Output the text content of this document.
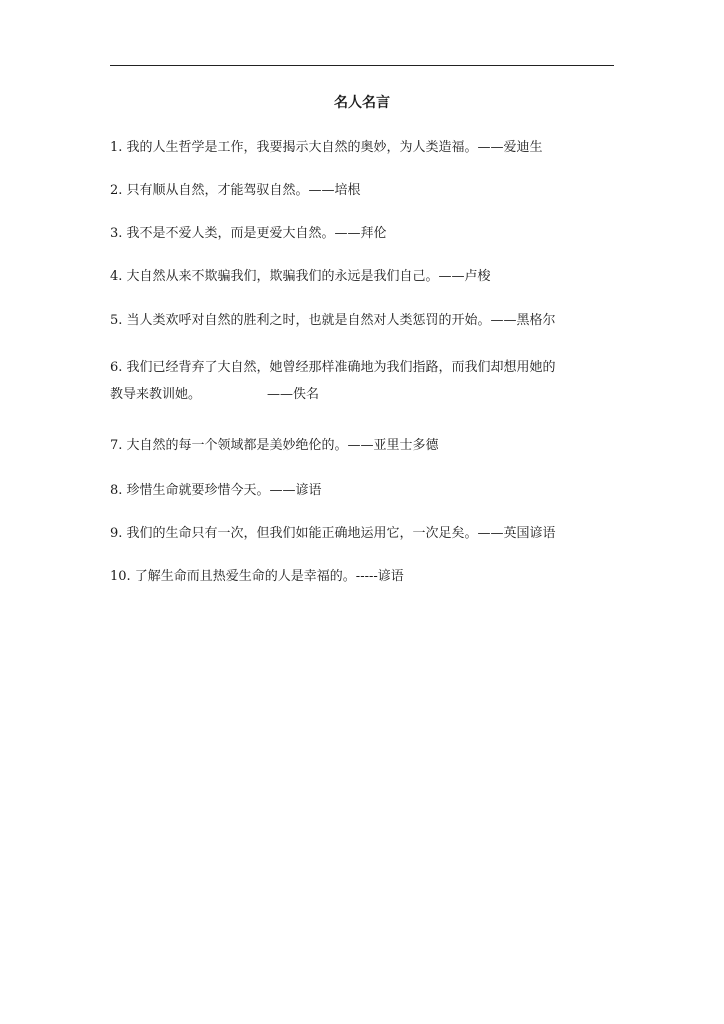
名人名言
1. 我的人生哲学是工作，我要揭示大自然的奥妙，为人类造福。——爱迪生
2. 只有顺从自然，才能驾驭自然。——培根
3. 我不是不爱人类，而是更爱大自然。——拜伦
4. 大自然从来不欺骗我们，欺骗我们的永远是我们自己。——卢梭
5. 当人类欢呼对自然的胜利之时，也就是自然对人类惩罚的开始。——黑格尔
6. 我们已经背弃了大自然，她曾经那样准确地为我们指路，而我们却想用她的
教导来教训她。	——佚名
7. 大自然的每一个领域都是美妙绝伦的。——亚里士多德
8. 珍惜生命就要珍惜今天。——谚语
9. 我们的生命只有一次，但我们如能正确地运用它，一次足矣。——英国谚语
10. 了解生命而且热爱生命的人是幸福的。-----谚语
